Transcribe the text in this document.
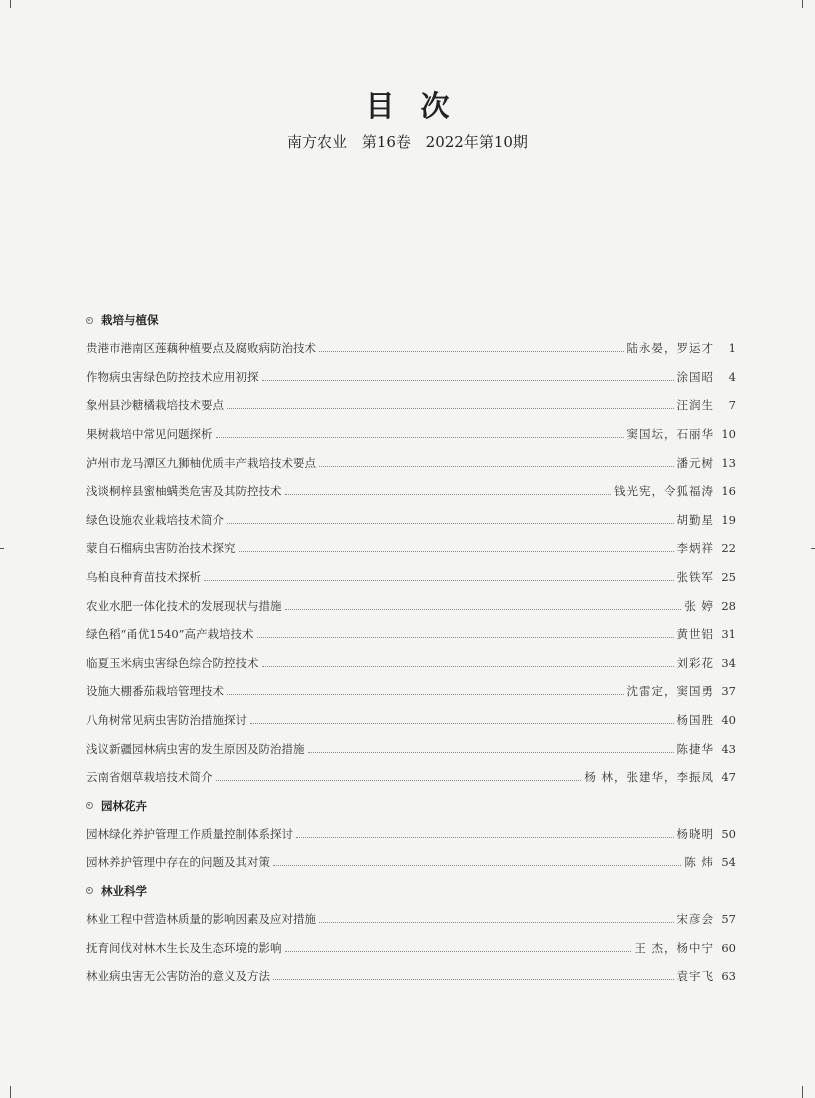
目次
南方农业 第16卷 2022年第10期
栽培与植保
贵港市港南区莲藕种植要点及腐败病防治技术	陆永晏，罗运才	1
作物病虫害绿色防控技术应用初探	涂国昭	4
象州县沙糖橘栽培技术要点	汪润生	7
果树栽培中常见问题探析	窦国坛，石丽华 10
泸州市龙马潭区九狮柚优质丰产栽培技术要点	潘元树 13
浅谈桐梓县蜜柚螨类危害及其防控技术	钱光宪，令狐福涛 16
绿色设施农业栽培技术简介	胡勤星 19
蒙自石榴病虫害防治技术探究	李炳祥 22
乌桕良种育苗技术探析	张铁军 25
农业水肥一体化技术的发展现状与措施	张 婷 28
绿色稻“甬优1540”高产栽培技术	黄世铝 31
临夏玉米病虫害绿色综合防控技术	刘彩花 34
设施大棚番茄栽培管理技术	沈雷定，窦国勇 37
八角树常见病虫害防治措施探讨	杨国胜 40
浅议新疆园林病虫害的发生原因及防治措施	陈捷华 43
云南省烟草栽培技术简介	杨 林，张建华，李振凤 47
园林花卉
园林绿化养护管理工作质量控制体系探讨	杨晓明 50
园林养护管理中存在的问题及其对策	陈 炜 54
林业科学
林业工程中营造林质量的影响因素及应对措施	宋彦会 57
抚育间伐对林木生长及生态环境的影响	王 杰，杨中宁 60
林业病虫害无公害防治的意义及方法	袁宇飞 63
